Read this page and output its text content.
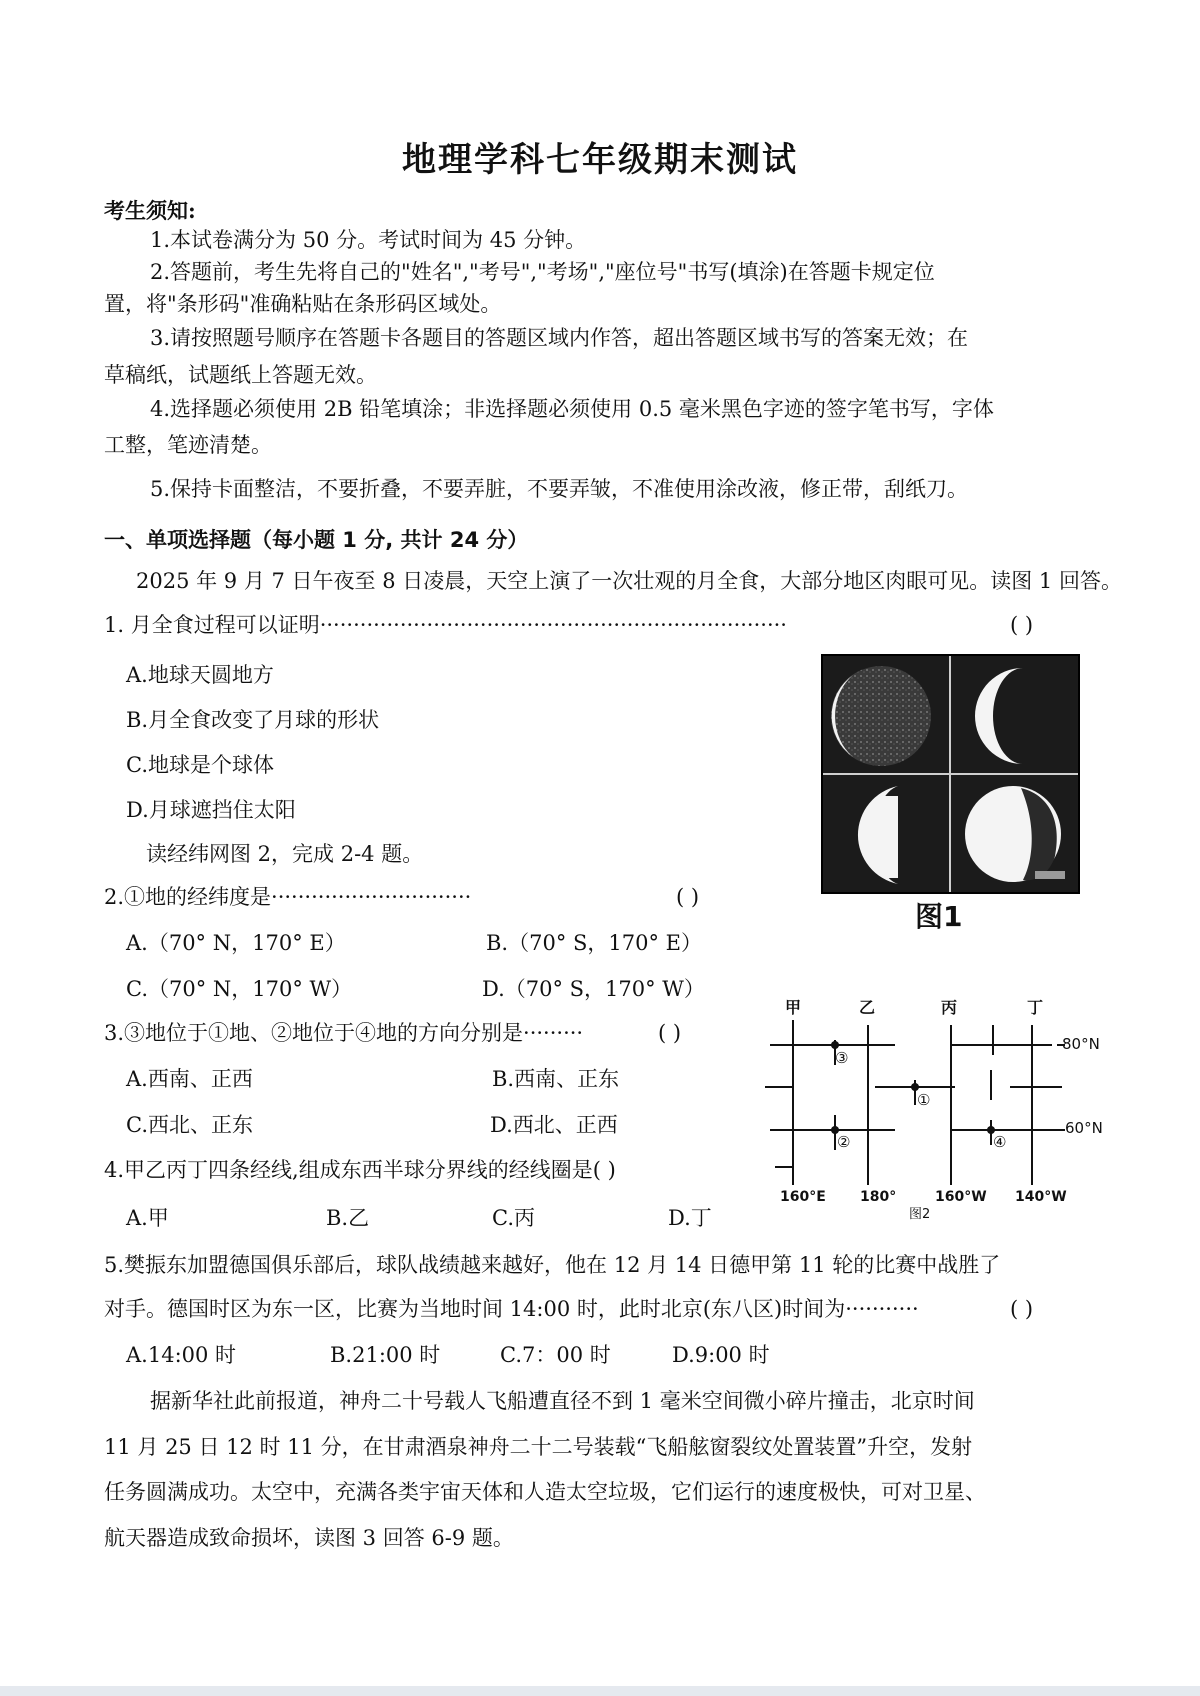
地理学科七年级期末测试
考生须知:
1.本试卷满分为 50 分。考试时间为 45 分钟。
2.答题前，考生先将自己的"姓名","考号","考场","座位号"书写(填涂)在答题卡规定位
置，将"条形码"准确粘贴在条形码区域处。
3.请按照题号顺序在答题卡各题目的答题区域内作答，超出答题区域书写的答案无效；在
草稿纸，试题纸上答题无效。
4.选择题必须使用 2B 铅笔填涂；非选择题必须使用 0.5 毫米黑色字迹的签字笔书写，字体
工整，笔迹清楚。
5.保持卡面整洁，不要折叠，不要弄脏，不要弄皱，不准使用涂改液，修正带，刮纸刀。
一、单项选择题（每小题 1 分, 共计 24 分）
2025 年 9 月 7 日午夜至 8 日凌晨，天空上演了一次壮观的月全食，大部分地区肉眼可见。读图 1 回答。
1. 月全食过程可以证明······································································	( )
A.地球天圆地方
B.月全食改变了月球的形状
C.地球是个球体
D.月球遮挡住太阳
读经纬网图 2，完成 2-4 题。
图1
2.①地的经纬度是······························	( )
A.（70° N，170° E）	B.（70° S，170° E）
C.（70° N，170° W）	D.（70° S，170° W）
3.③地位于①地、②地位于④地的方向分别是·········	( )
A.西南、正西	B.西南、正东
C.西北、正东	D.西北、正西
4.甲乙丙丁四条经线,组成东西半球分界线的经线圈是( )
A.甲	B.乙	C.丙	D.丁
甲	乙	丙	丁
80°N
60°N
③
①
②	④
160°E 180°	160°W 140°W
图2
5.樊振东加盟德国俱乐部后，球队战绩越来越好，他在 12 月 14 日德甲第 11 轮的比赛中战胜了
对手。德国时区为东一区，比赛为当地时间 14:00 时，此时北京(东八区)时间为···········	( )
A.14:00 时	B.21:00 时	C.7：00 时	D.9:00 时
据新华社此前报道，神舟二十号载人飞船遭直径不到 1 毫米空间微小碎片撞击，北京时间
11 月 25 日 12 时 11 分，在甘肃酒泉神舟二十二号装载“飞船舷窗裂纹处置装置”升空，发射
任务圆满成功。太空中，充满各类宇宙天体和人造太空垃圾，它们运行的速度极快，可对卫星、
航天器造成致命损坏，读图 3 回答 6-9 题。
